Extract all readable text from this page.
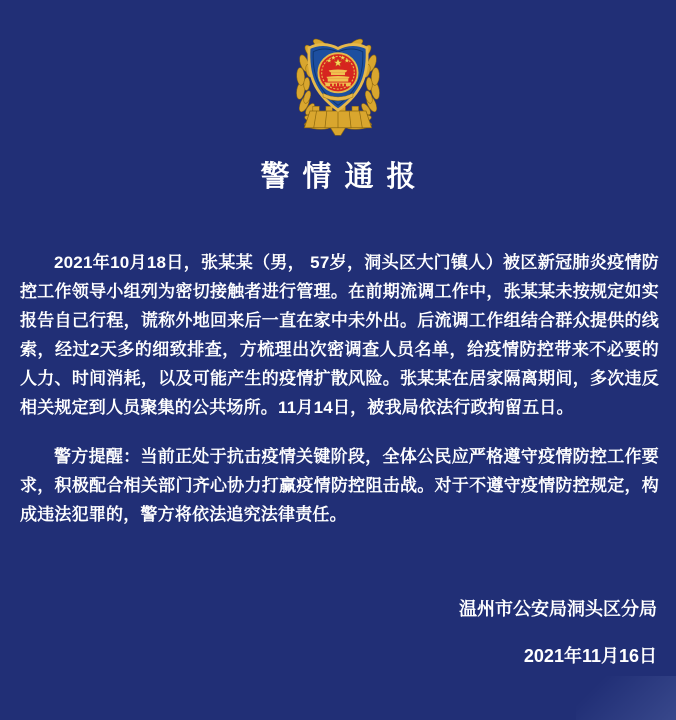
警情通报

2021年10月18日，张某某（男， 57岁，洞头区大门镇人）被区新冠肺炎疫情防控工作领导小组列为密切接触者进行管理。在前期流调工作中，张某某未按规定如实报告自己行程，谎称外地回来后一直在家中未外出。后流调工作组结合群众提供的线索，经过2天多的细致排查，方梳理出次密调查人员名单，给疫情防控带来不必要的人力、时间消耗，以及可能产生的疫情扩散风险。张某某在居家隔离期间，多次违反相关规定到人员聚集的公共场所。11月14日，被我局依法行政拘留五日。

警方提醒：当前正处于抗击疫情关键阶段，全体公民应严格遵守疫情防控工作要求，积极配合相关部门齐心协力打赢疫情防控阻击战。对于不遵守疫情防控规定，构成违法犯罪的，警方将依法追究法律责任。

温州市公安局洞头区分局
2021年11月16日
